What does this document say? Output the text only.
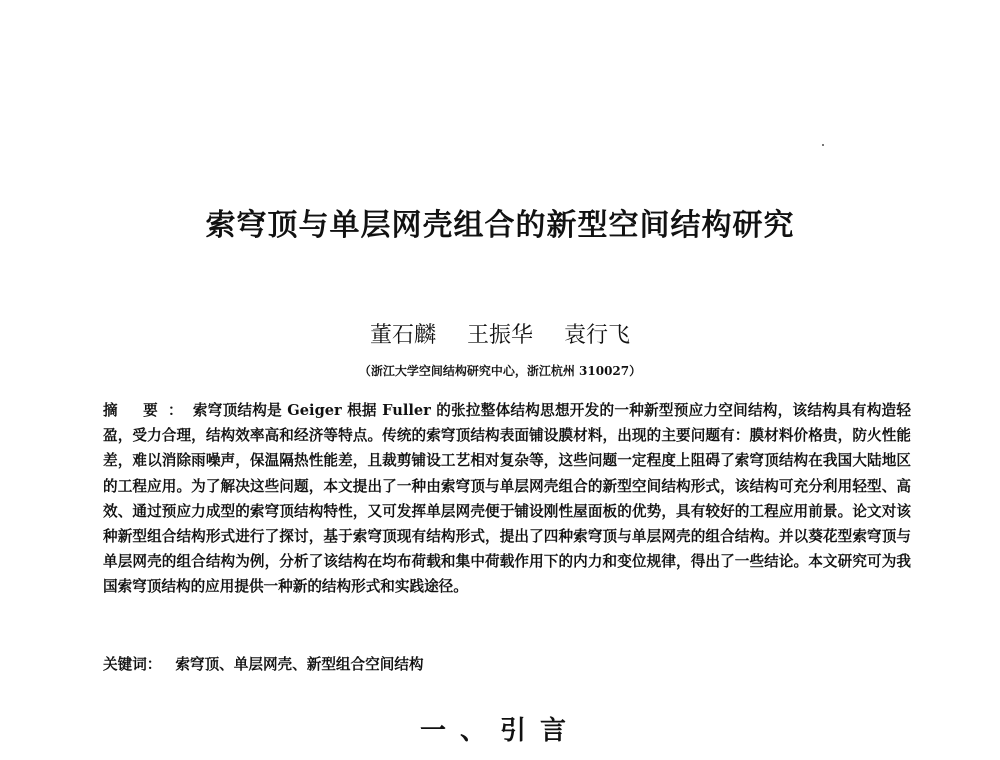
索穹顶与单层网壳组合的新型空间结构研究
董石麟 王振华 袁行飞
（浙江大学空间结构研究中心，浙江杭州 310027）
摘 要：索穹顶结构是 Geiger 根据 Fuller 的张拉整体结构思想开发的一种新型预应力空间结构，该结构具有构造轻盈，受力合理，结构效率高和经济等特点。传统的索穹顶结构表面铺设膜材料，出现的主要问题有：膜材料价格贵，防火性能差，难以消除雨噪声，保温隔热性能差，且裁剪铺设工艺相对复杂等，这些问题一定程度上阻碍了索穹顶结构在我国大陆地区的工程应用。为了解决这些问题，本文提出了一种由索穹顶与单层网壳组合的新型空间结构形式，该结构可充分利用轻型、高效、通过预应力成型的索穹顶结构特性，又可发挥单层网壳便于铺设刚性屋面板的优势，具有较好的工程应用前景。论文对该种新型组合结构形式进行了探讨，基于索穹顶现有结构形式，提出了四种索穹顶与单层网壳的组合结构。并以葵花型索穹顶与单层网壳的组合结构为例，分析了该结构在均布荷载和集中荷载作用下的内力和变位规律，得出了一些结论。本文研究可为我国索穹顶结构的应用提供一种新的结构形式和实践途径。
关键词： 索穹顶、单层网壳、新型组合空间结构
一、引言
